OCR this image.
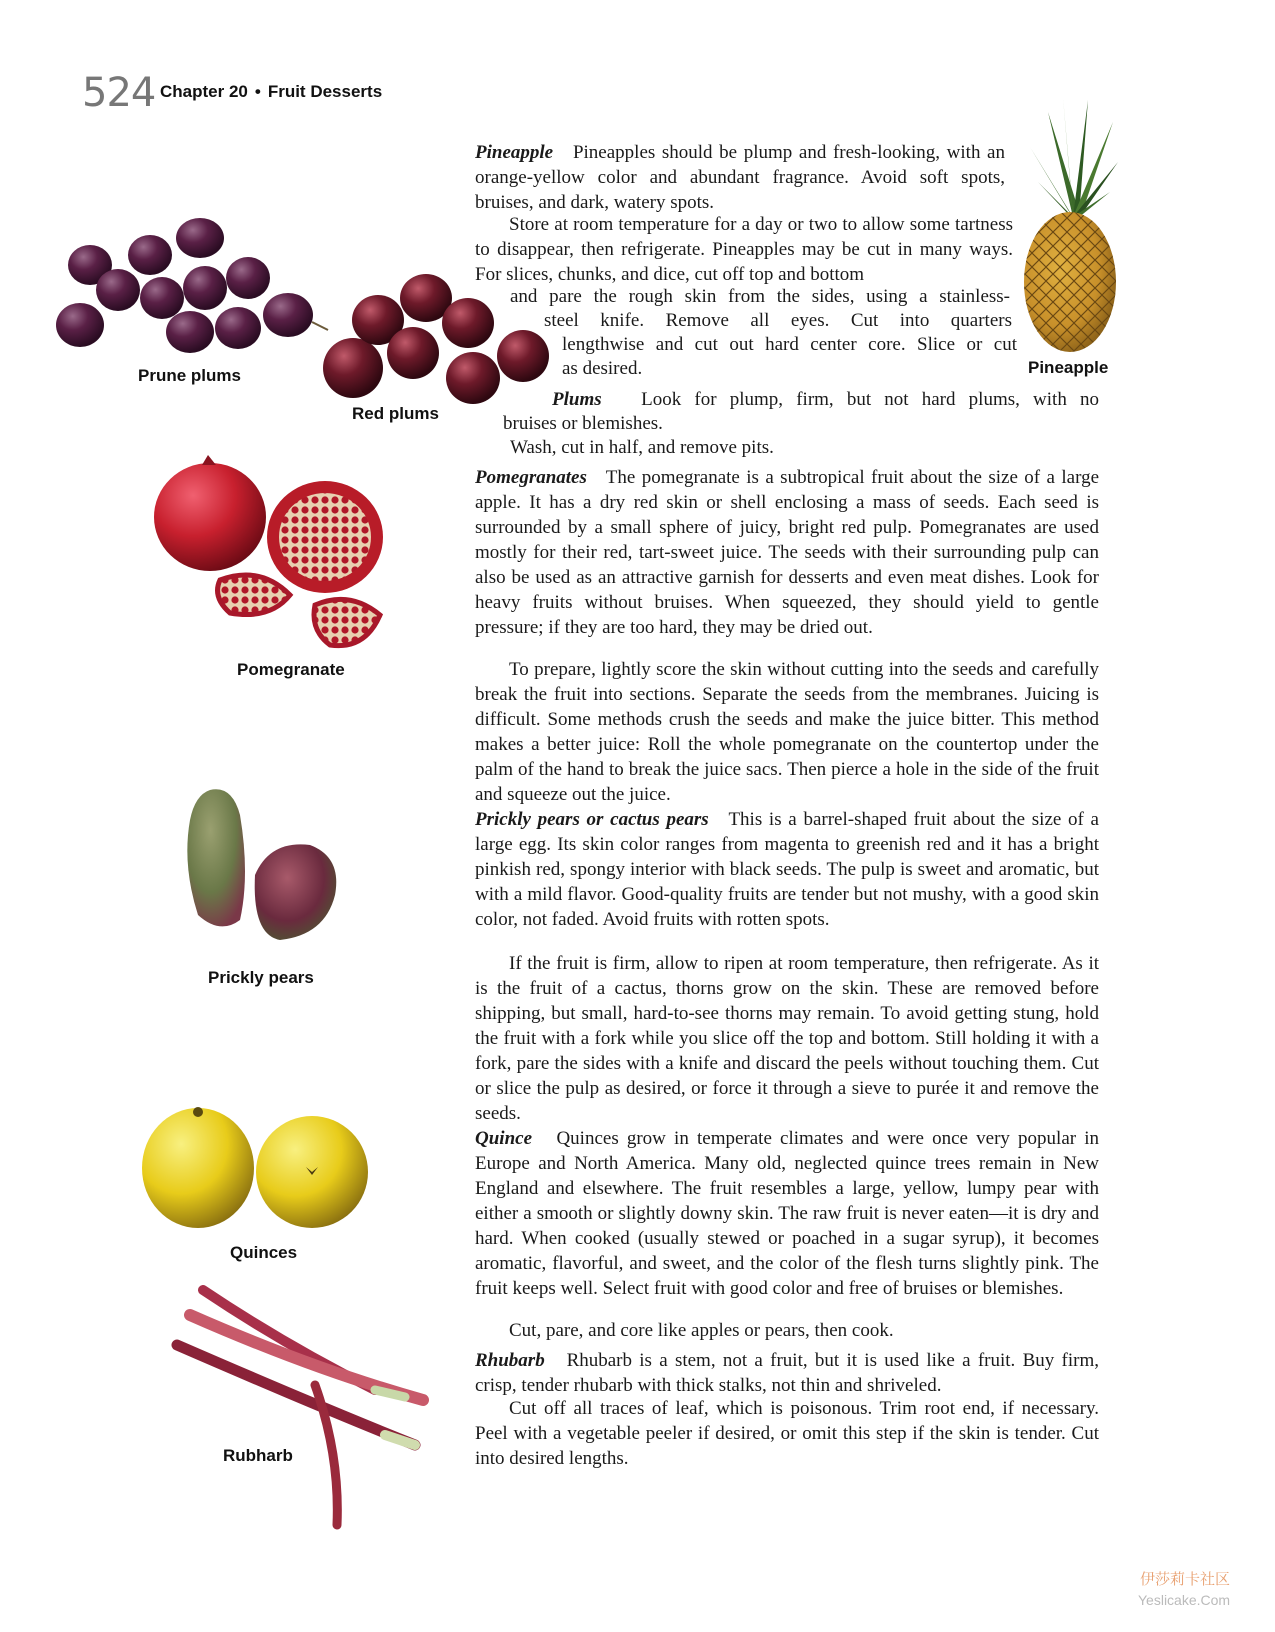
524 Chapter 20 • Fruit Desserts
Prune plums
Red plums
Pineapple
Pomegranate
Prickly pears
Quinces
Rubharb

Pineapple Pineapples should be plump and fresh-looking, with an orange-yellow color and abundant fragrance. Avoid soft spots, bruises, and dark, watery spots.

Store at room temperature for a day or two to allow some tartness to disappear, then refrigerate. Pineapples may be cut in many ways. For slices, chunks, and dice, cut off top and bottom

and pare the rough skin from the sides, using a stainless-

steel knife. Remove all eyes. Cut into quarters

lengthwise and cut out hard center core. Slice or cut

as desired.

Plums   Look for plump, firm, but not hard plums, with no

bruises or blemishes.

Wash, cut in half, and remove pits.

Pomegranates The pomegranate is a subtropical fruit about the size of a large apple. It has a dry red skin or shell enclosing a mass of seeds. Each seed is surrounded by a small sphere of juicy, bright red pulp. Pomegranates are used mostly for their red, tart-sweet juice. The seeds with their surrounding pulp can also be used as an attractive garnish for desserts and even meat dishes. Look for heavy fruits without bruises. When squeezed, they should yield to gentle pressure; if they are too hard, they may be dried out.

To prepare, lightly score the skin without cutting into the seeds and carefully break the fruit into sections. Separate the seeds from the membranes. Juicing is difficult. Some methods crush the seeds and make the juice bitter. This method makes a better juice: Roll the whole pomegranate on the countertop under the palm of the hand to break the juice sacs. Then pierce a hole in the side of the fruit and squeeze out the juice.

Prickly pears or cactus pears This is a barrel-shaped fruit about the size of a large egg. Its skin color ranges from magenta to greenish red and it has a bright pinkish red, spongy interior with black seeds. The pulp is sweet and aromatic, but with a mild flavor. Good-quality fruits are tender but not mushy, with a good skin color, not faded. Avoid fruits with rotten spots.

If the fruit is firm, allow to ripen at room temperature, then refrigerate. As it is the fruit of a cactus, thorns grow on the skin. These are removed before shipping, but small, hard-to-see thorns may remain. To avoid getting stung, hold the fruit with a fork while you slice off the top and bottom. Still holding it with a fork, pare the sides with a knife and discard the peels without touching them. Cut or slice the pulp as desired, or force it through a sieve to purée it and remove the seeds.

Quince Quinces grow in temperate climates and were once very popular in Europe and North America. Many old, neglected quince trees remain in New England and elsewhere. The fruit resembles a large, yellow, lumpy pear with either a smooth or slightly downy skin. The raw fruit is never eaten—it is dry and hard. When cooked (usually stewed or poached in a sugar syrup), it becomes aromatic, flavorful, and sweet, and the color of the flesh turns slightly pink. The fruit keeps well. Select fruit with good color and free of bruises or blemishes.

Cut, pare, and core like apples or pears, then cook.

Rhubarb Rhubarb is a stem, not a fruit, but it is used like a fruit. Buy firm, crisp, tender rhubarb with thick stalks, not thin and shriveled.

Cut off all traces of leaf, which is poisonous. Trim root end, if necessary. Peel with a vegetable peeler if desired, or omit this step if the skin is tender. Cut into desired lengths.

伊莎莉卡社区
Yeslicake.Com
